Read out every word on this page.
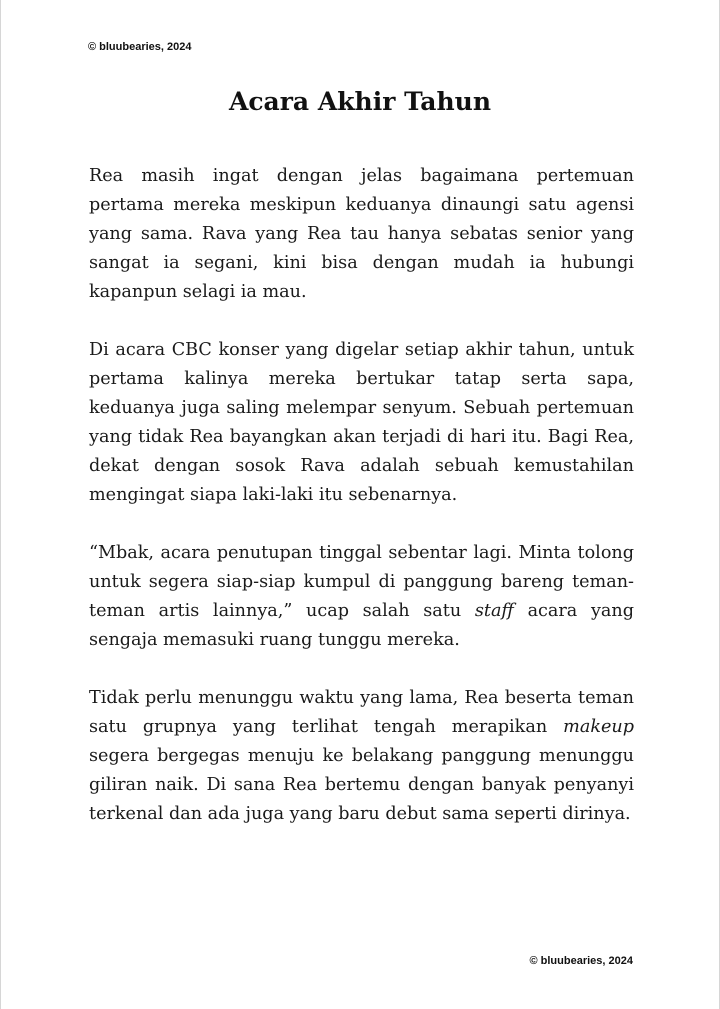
© bluubearies, 2024
Acara Akhir Tahun

Rea masih ingat dengan jelas bagaimana pertemuan pertama mereka meskipun keduanya dinaungi satu agensi yang sama. Rava yang Rea tau hanya sebatas senior yang sangat ia segani, kini bisa dengan mudah ia hubungi kapanpun selagi ia mau.

Di acara CBC konser yang digelar setiap akhir tahun, untuk pertama kalinya mereka bertukar tatap serta sapa, keduanya juga saling melempar senyum. Sebuah pertemuan yang tidak Rea bayangkan akan terjadi di hari itu. Bagi Rea, dekat dengan sosok Rava adalah sebuah kemustahilan mengingat siapa laki-laki itu sebenarnya.

“Mbak, acara penutupan tinggal sebentar lagi. Minta tolong untuk segera siap-siap kumpul di panggung bareng teman-teman artis lainnya,” ucap salah satu staff acara yang sengaja memasuki ruang tunggu mereka.

Tidak perlu menunggu waktu yang lama, Rea beserta teman satu grupnya yang terlihat tengah merapikan makeup segera bergegas menuju ke belakang panggung menunggu giliran naik. Di sana Rea bertemu dengan banyak penyanyi terkenal dan ada juga yang baru debut sama seperti dirinya.

© bluubearies, 2024
